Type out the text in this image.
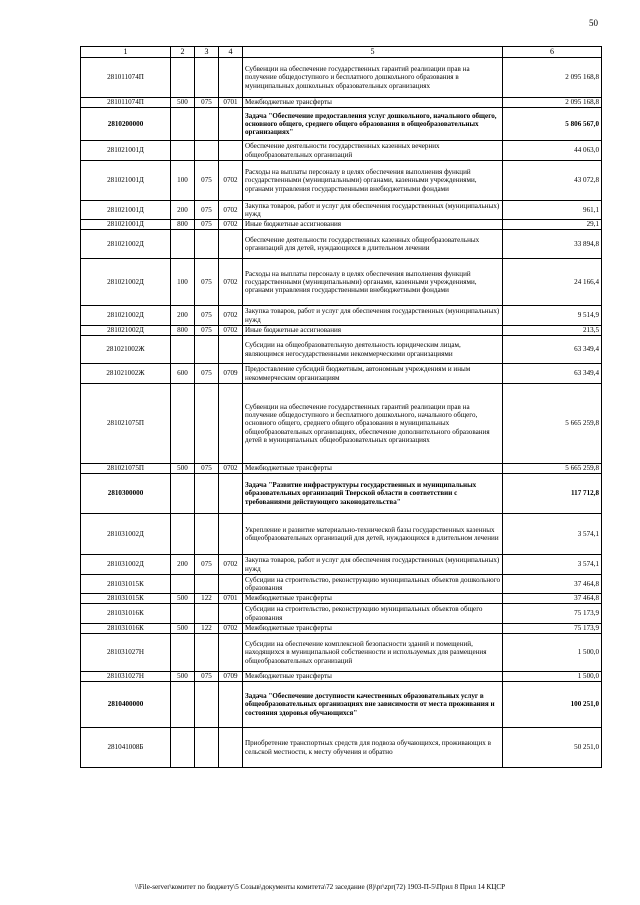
50
1	2	3	4	5	6
281011074П				Субвенции на обеспечение государственных гарантий реализации прав на получение общедоступного и бесплатного дошкольного образования в муниципальных дошкольных образовательных организациях	2 095 168,8
281011074П	500	075	0701	Межбюджетные трансферты	2 095 168,8
2810200000				Задача "Обеспечение предоставления услуг дошкольного, начального общего, основного общего, среднего общего образования в общеобразовательных организациях"	5 806 567,0
281021001Д				Обеспечение деятельности государственных казенных вечерних общеобразовательных организаций	44 063,0
281021001Д	100	075	0702	Расходы на выплаты персоналу в целях обеспечения выполнения функций государственными (муниципальными) органами, казенными учреждениями, органами управления государственными внебюджетными фондами	43 072,8
281021001Д	200	075	0702	Закупка товаров, работ и услуг для обеспечения государственных (муниципальных) нужд	961,1
281021001Д	800	075	0702	Иные бюджетные ассигнования	29,1
281021002Д				Обеспечение деятельности государственных казенных общеобразовательных организаций для детей, нуждающихся в длительном лечении	33 894,8
281021002Д	100	075	0702	Расходы на выплаты персоналу в целях обеспечения выполнения функций государственными (муниципальными) органами, казенными учреждениями, органами управления государственными внебюджетными фондами	24 166,4
281021002Д	200	075	0702	Закупка товаров, работ и услуг для обеспечения государственных (муниципальных) нужд	9 514,9
281021002Д	800	075	0702	Иные бюджетные ассигнования	213,5
281021002Ж				Субсидии на общеобразовательную деятельность юридическим лицам, являющимся негосударственными некоммерческими организациями	63 349,4
281021002Ж	600	075	0709	Предоставление субсидий бюджетным, автономным учреждениям и иным некоммерческим организациям	63 349,4
281021075П				Субвенции на обеспечение государственных гарантий реализации прав на получение общедоступного и бесплатного дошкольного, начального общего, основного общего, среднего общего образования в муниципальных общеобразовательных организациях, обеспечение дополнительного образования детей в муниципальных общеобразовательных организациях	5 665 259,8
281021075П	500	075	0702	Межбюджетные трансферты	5 665 259,8
2810300000				Задача "Развитие инфраструктуры государственных и муниципальных образовательных организаций Тверской области в соответствии с требованиями действующего законодательства"	117 712,8
281031002Д				Укрепление и развитие материально-технической базы государственных казенных общеобразовательных организаций для детей, нуждающихся в длительном лечении	3 574,1
281031002Д	200	075	0702	Закупка товаров, работ и услуг для обеспечения государственных (муниципальных) нужд	3 574,1
281031015К				Субсидии на строительство, реконструкцию муниципальных объектов дошкольного образования	37 464,8
281031015К	500	122	0701	Межбюджетные трансферты	37 464,8
281031016К				Субсидии на строительство, реконструкцию муниципальных объектов общего образования	75 173,9
281031016К	500	122	0702	Межбюджетные трансферты	75 173,9
281031027Н				Субсидии на обеспечение комплексной безопасности зданий и помещений, находящихся в муниципальной собственности и используемых для размещения общеобразовательных организаций	1 500,0
281031027Н	500	075	0709	Межбюджетные трансферты	1 500,0
2810400000				Задача "Обеспечение доступности качественных образовательных услуг в общеобразовательных организациях вне зависимости от места проживания и состояния здоровья обучающихся"	100 251,0
281041008Б				Приобретение транспортных средств для подвоза обучающихся, проживающих в сельской местности, к месту обучения и обратно	50 251,0
\\File-server\комитет по бюджету\5 Созыв\документы комитета\72 заседание (8)\pr\zpr(72) 1903-П-5\Прил 8 Прил 14 КЦСР
